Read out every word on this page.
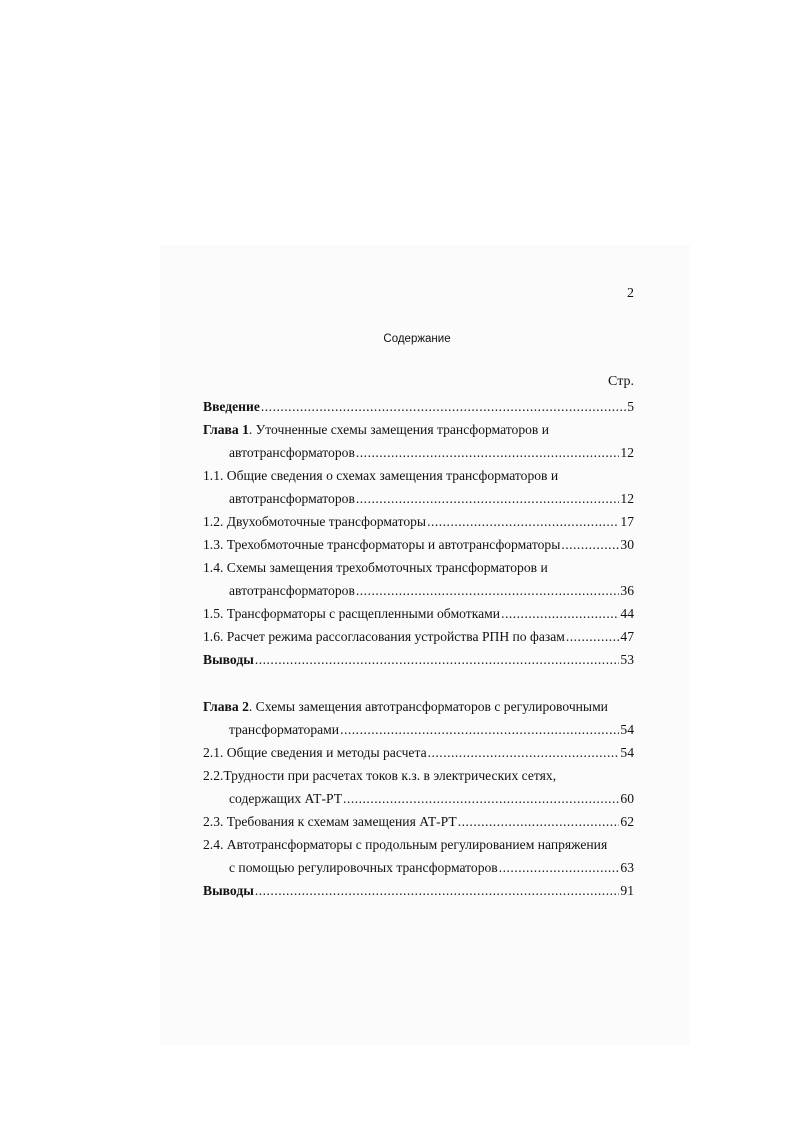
2
Содержание
Стр.
Введение .....	5
Глава 1. Уточненные схемы замещения трансформаторов и
автотрансформаторов .....	12
1.1. Общие сведения о схемах замещения трансформаторов и
автотрансформаторов .....	12
1.2. Двухобмоточные трансформаторы .....	17
1.3. Трехобмоточные трансформаторы и автотрансформаторы .....	30
1.4. Схемы замещения трехобмоточных трансформаторов и
автотрансформаторов .....	36
1.5. Трансформаторы с расщепленными обмотками .....	44
1.6. Расчет режима рассогласования устройства РПН по фазам .....	47
Выводы .....	53
Глава 2. Схемы замещения автотрансформаторов с регулировочными
трансформаторами .....	54
2.1. Общие сведения и методы расчета .....	54
2.2.Трудности при расчетах токов к.з. в электрических сетях,
содержащих АТ-РТ .....	60
2.3. Требования к схемам замещения АТ-РТ .....	62
2.4. Автотрансформаторы с продольным регулированием напряжения
с помощью регулировочных трансформаторов .....	63
Выводы .....	91
